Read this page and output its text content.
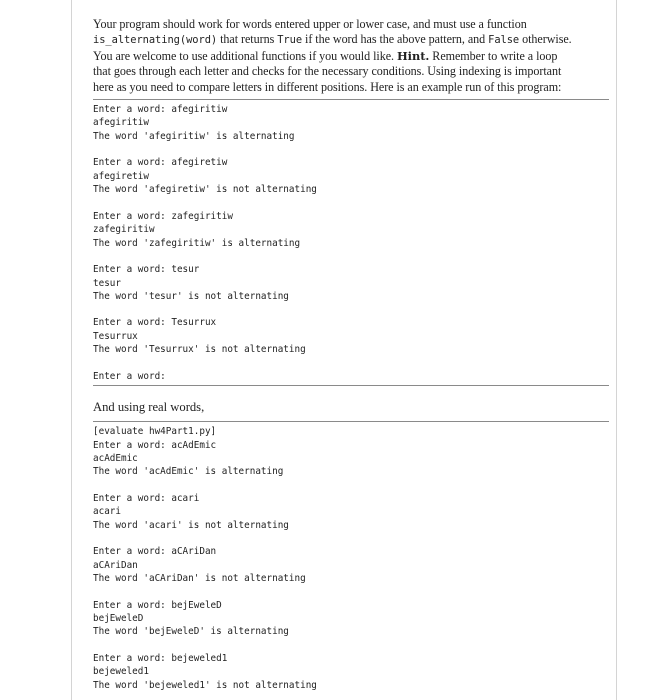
Your program should work for words entered upper or lower case, and must use a function
is_alternating(word) that returns True if the word has the above pattern, and False otherwise.
You are welcome to use additional functions if you would like. Hint. Remember to write a loop
that goes through each letter and checks for the necessary conditions. Using indexing is important
here as you need to compare letters in different positions. Here is an example run of this program:
Enter a word: afegiritiw
afegiritiw
The word 'afegiritiw' is alternating
Enter a word: afegiretiw
afegiretiw
The word 'afegiretiw' is not alternating
Enter a word: zafegiritiw
zafegiritiw
The word 'zafegiritiw' is alternating
Enter a word: tesur
tesur
The word 'tesur' is not alternating
Enter a word: Tesurrux
Tesurrux
The word 'Tesurrux' is not alternating
Enter a word:
And using real words,
[evaluate hw4Part1.py]
Enter a word: acAdEmic
acAdEmic
The word 'acAdEmic' is alternating
Enter a word: acari
acari
The word 'acari' is not alternating
Enter a word: aCAriDan
aCAriDan
The word 'aCAriDan' is not alternating
Enter a word: bejEweleD
bejEweleD
The word 'bejEweleD' is alternating
Enter a word: bejeweled1
bejeweled1
The word 'bejeweled1' is not alternating
